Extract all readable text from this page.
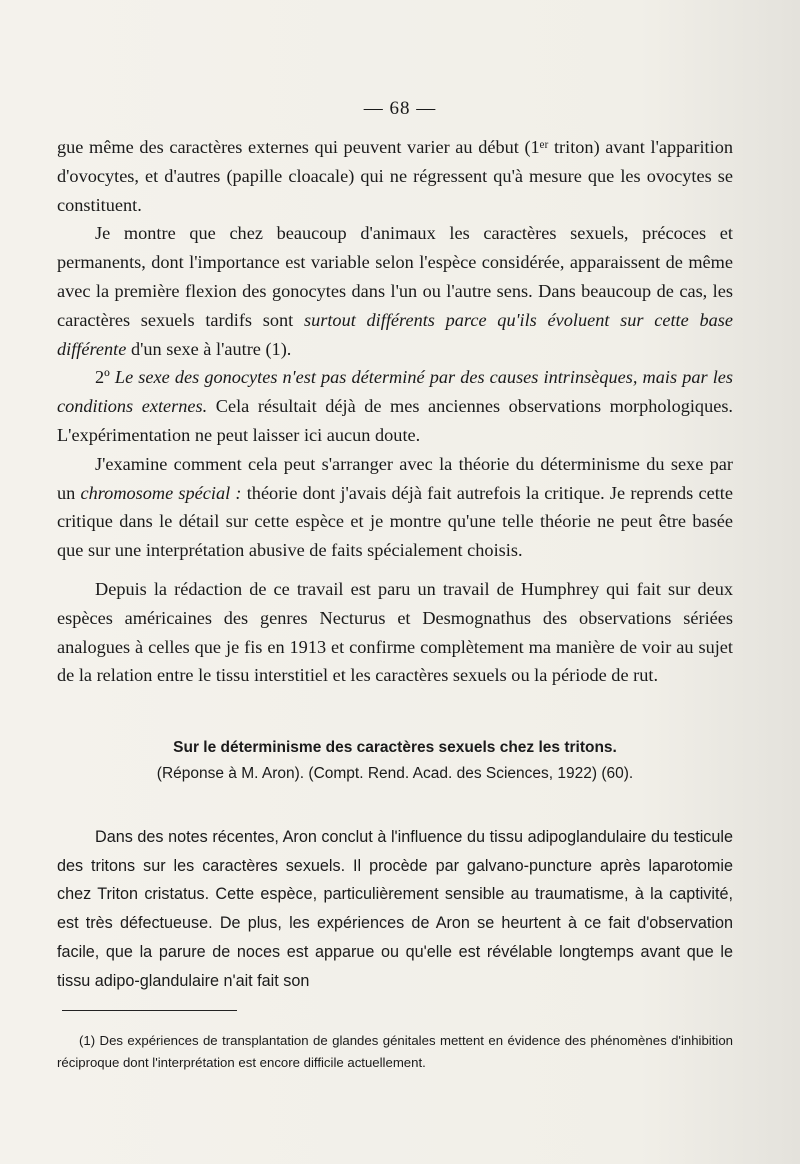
— 68 —

gue même des caractères externes qui peuvent varier au début (1ᵉʳ triton) avant l'apparition d'ovocytes, et d'autres (papille cloacale) qui ne régressent qu'à mesure que les ovocytes se constituent.

Je montre que chez beaucoup d'animaux les caractères sexuels, précoces et permanents, dont l'importance est variable selon l'espèce considérée, apparaissent de même avec la première flexion des gonocytes dans l'un ou l'autre sens. Dans beaucoup de cas, les caractères sexuels tardifs sont surtout différents parce qu'ils évoluent sur cette base différente d'un sexe à l'autre (1).

2º Le sexe des gonocytes n'est pas déterminé par des causes intrinsèques, mais par les conditions externes. Cela résultait déjà de mes anciennes observations morphologiques. L'expérimentation ne peut laisser ici aucun doute.

J'examine comment cela peut s'arranger avec la théorie du déterminisme du sexe par un chromosome spécial : théorie dont j'avais déjà fait autrefois la critique. Je reprends cette critique dans le détail sur cette espèce et je montre qu'une telle théorie ne peut être basée que sur une interprétation abusive de faits spécialement choisis.

Depuis la rédaction de ce travail est paru un travail de Humphrey qui fait sur deux espèces américaines des genres Necturus et Desmognathus des observations sériées analogues à celles que je fis en 1913 et confirme complètement ma manière de voir au sujet de la relation entre le tissu interstitiel et les caractères sexuels ou la période de rut.

Sur le déterminisme des caractères sexuels chez les tritons.
(Réponse à M. Aron). (Compt. Rend. Acad. des Sciences, 1922) (60).

Dans des notes récentes, Aron conclut à l'influence du tissu adipoglandulaire du testicule des tritons sur les caractères sexuels. Il procède par galvano-puncture après laparotomie chez Triton cristatus. Cette espèce, particulièrement sensible au traumatisme, à la captivité, est très défectueuse. De plus, les expériences de Aron se heurtent à ce fait d'observation facile, que la parure de noces est apparue ou qu'elle est révélable longtemps avant que le tissu adipo-glandulaire n'ait fait son

(1) Des expériences de transplantation de glandes génitales mettent en évidence des phénomènes d'inhibition réciproque dont l'interprétation est encore difficile actuellement.
